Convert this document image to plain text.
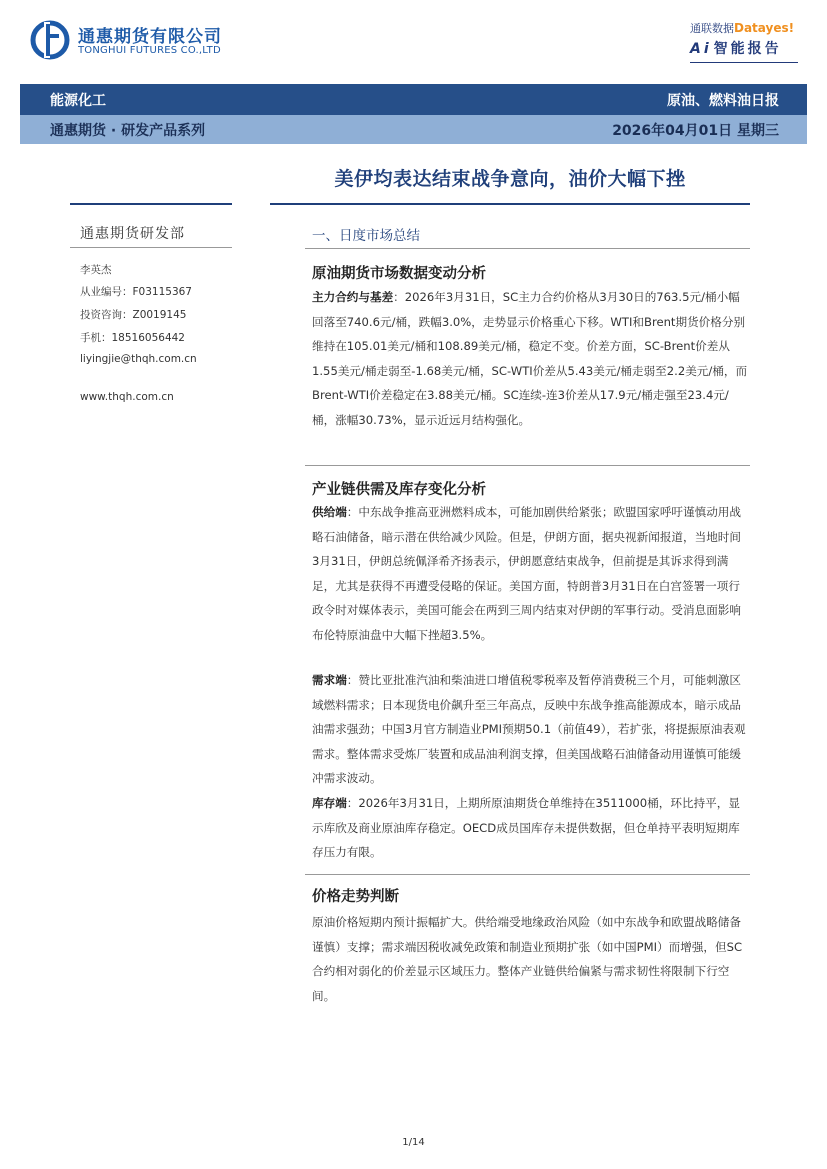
通惠期货有限公司
TONGHUI FUTURES CO.,LTD
通联数据Datayes!
Ai 智能报告
能源化工	原油、燃料油日报
通惠期货 · 研发产品系列	2026年04月01日 星期三
美伊均表达结束战争意向，油价大幅下挫
通惠期货研发部
李英杰
从业编号：F03115367
投资咨询：Z0019145
手机：18516056442
liyingjie@thqh.com.cn
www.thqh.com.cn
一、日度市场总结
原油期货市场数据变动分析
主力合约与基差：2026年3月31日，SC主力合约价格从3月30日的763.5元/桶小幅回落至740.6元/桶，跌幅3.0%，走势显示价格重心下移。WTI和Brent期货价格分别维持在105.01美元/桶和108.89美元/桶，稳定不变。价差方面，SC-Brent价差从1.55美元/桶走弱至-1.68美元/桶，SC-WTI价差从5.43美元/桶走弱至2.2美元/桶，而Brent-WTI价差稳定在3.88美元/桶。SC连续-连3价差从17.9元/桶走强至23.4元/桶，涨幅30.73%，显示近远月结构强化。
产业链供需及库存变化分析
供给端：中东战争推高亚洲燃料成本，可能加剧供给紧张；欧盟国家呼吁谨慎动用战略石油储备，暗示潜在供给减少风险。但是，伊朗方面，据央视新闻报道，当地时间3月31日，伊朗总统佩泽希齐扬表示，伊朗愿意结束战争，但前提是其诉求得到满足，尤其是获得不再遭受侵略的保证。美国方面，特朗普3月31日在白宫签署一项行政令时对媒体表示，美国可能会在两到三周内结束对伊朗的军事行动。受消息面影响布伦特原油盘中大幅下挫超3.5%。
需求端：赞比亚批准汽油和柴油进口增值税零税率及暂停消费税三个月，可能刺激区域燃料需求；日本现货电价飙升至三年高点，反映中东战争推高能源成本，暗示成品油需求强劲；中国3月官方制造业PMI预期50.1（前值49），若扩张，将提振原油表观需求。整体需求受炼厂装置和成品油利润支撑，但美国战略石油储备动用谨慎可能缓冲需求波动。
库存端：2026年3月31日，上期所原油期货仓单维持在3511000桶，环比持平，显示库欣及商业原油库存稳定。OECD成员国库存未提供数据，但仓单持平表明短期库存压力有限。
价格走势判断
原油价格短期内预计振幅扩大。供给端受地缘政治风险（如中东战争和欧盟战略储备谨慎）支撑；需求端因税收减免政策和制造业预期扩张（如中国PMI）而增强，但SC合约相对弱化的价差显示区域压力。整体产业链供给偏紧与需求韧性将限制下行空间。
1/14
